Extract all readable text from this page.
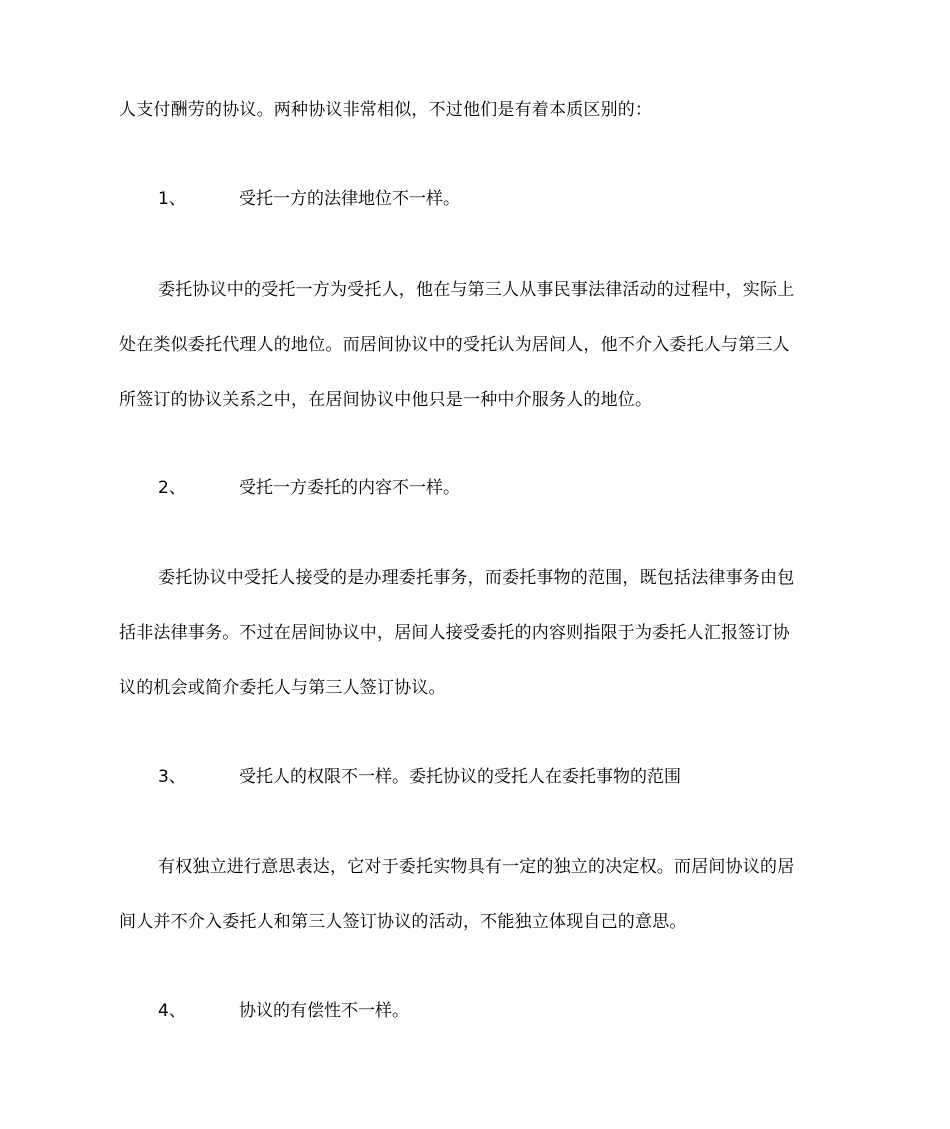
人支付酬劳的协议。两种协议非常相似，不过他们是有着本质区别的：
1、	受托一方的法律地位不一样。
委托协议中的受托一方为受托人，他在与第三人从事民事法律活动的过程中，实际上
处在类似委托代理人的地位。而居间协议中的受托认为居间人，他不介入委托人与第三人
所签订的协议关系之中，在居间协议中他只是一种中介服务人的地位。
2、	受托一方委托的内容不一样。
委托协议中受托人接受的是办理委托事务，而委托事物的范围，既包括法律事务由包
括非法律事务。不过在居间协议中，居间人接受委托的内容则指限于为委托人汇报签订协
议的机会或简介委托人与第三人签订协议。
3、	受托人的权限不一样。委托协议的受托人在委托事物的范围
有权独立进行意思表达，它对于委托实物具有一定的独立的决定权。而居间协议的居
间人并不介入委托人和第三人签订协议的活动，不能独立体现自己的意思。
4、	协议的有偿性不一样。
